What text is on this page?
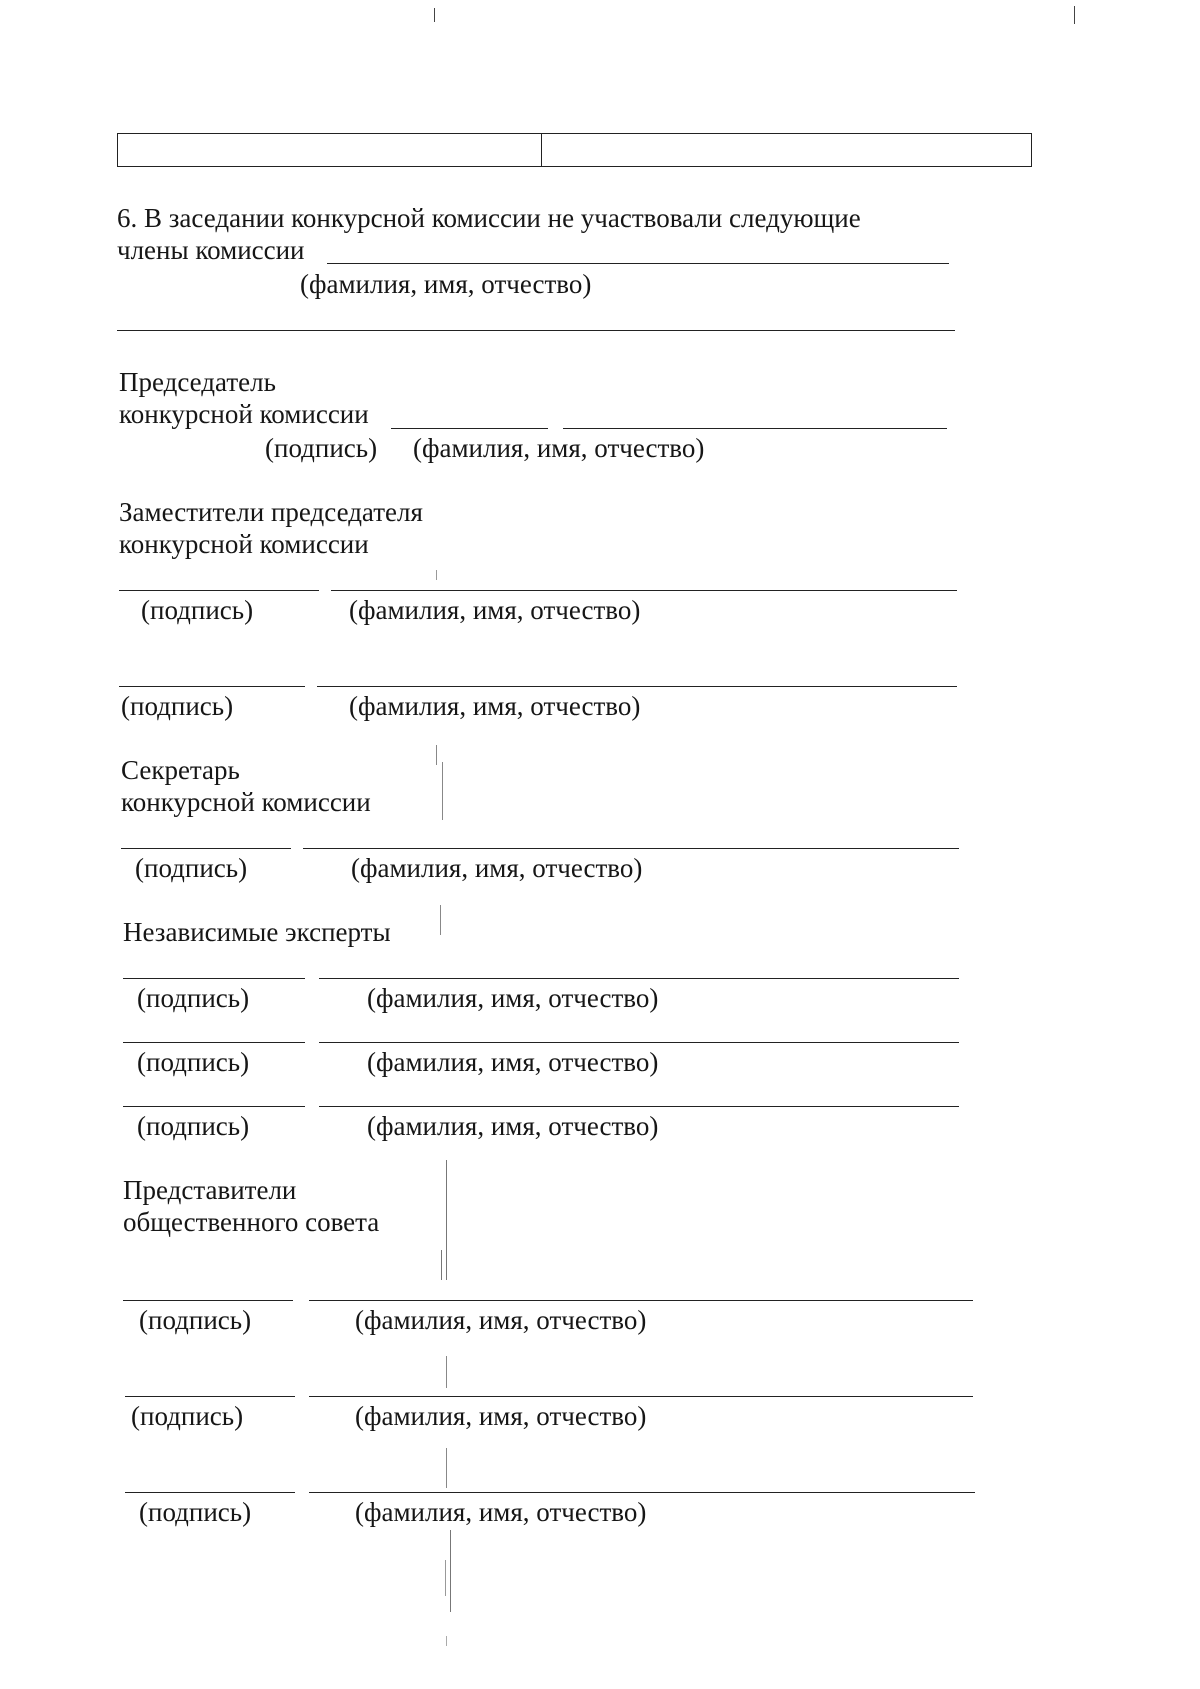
6. В заседании конкурсной комиссии не участвовали следующие
члены комиссии
(фамилия, имя, отчество)
Председатель
конкурсной комиссии
(подпись) (фамилия, имя, отчество)
Заместители председателя
конкурсной комиссии
(подпись)	(фамилия, имя, отчество)
(подпись)	(фамилия, имя, отчество)
Секретарь
конкурсной комиссии
(подпись)	(фамилия, имя, отчество)
Независимые эксперты
(подпись)	(фамилия, имя, отчество)
(подпись)	(фамилия, имя, отчество)
(подпись)	(фамилия, имя, отчество)
Представители
общественного совета
(подпись)	(фамилия, имя, отчество)
(подпись)	(фамилия, имя, отчество)
(подпись)	(фамилия, имя, отчество)
